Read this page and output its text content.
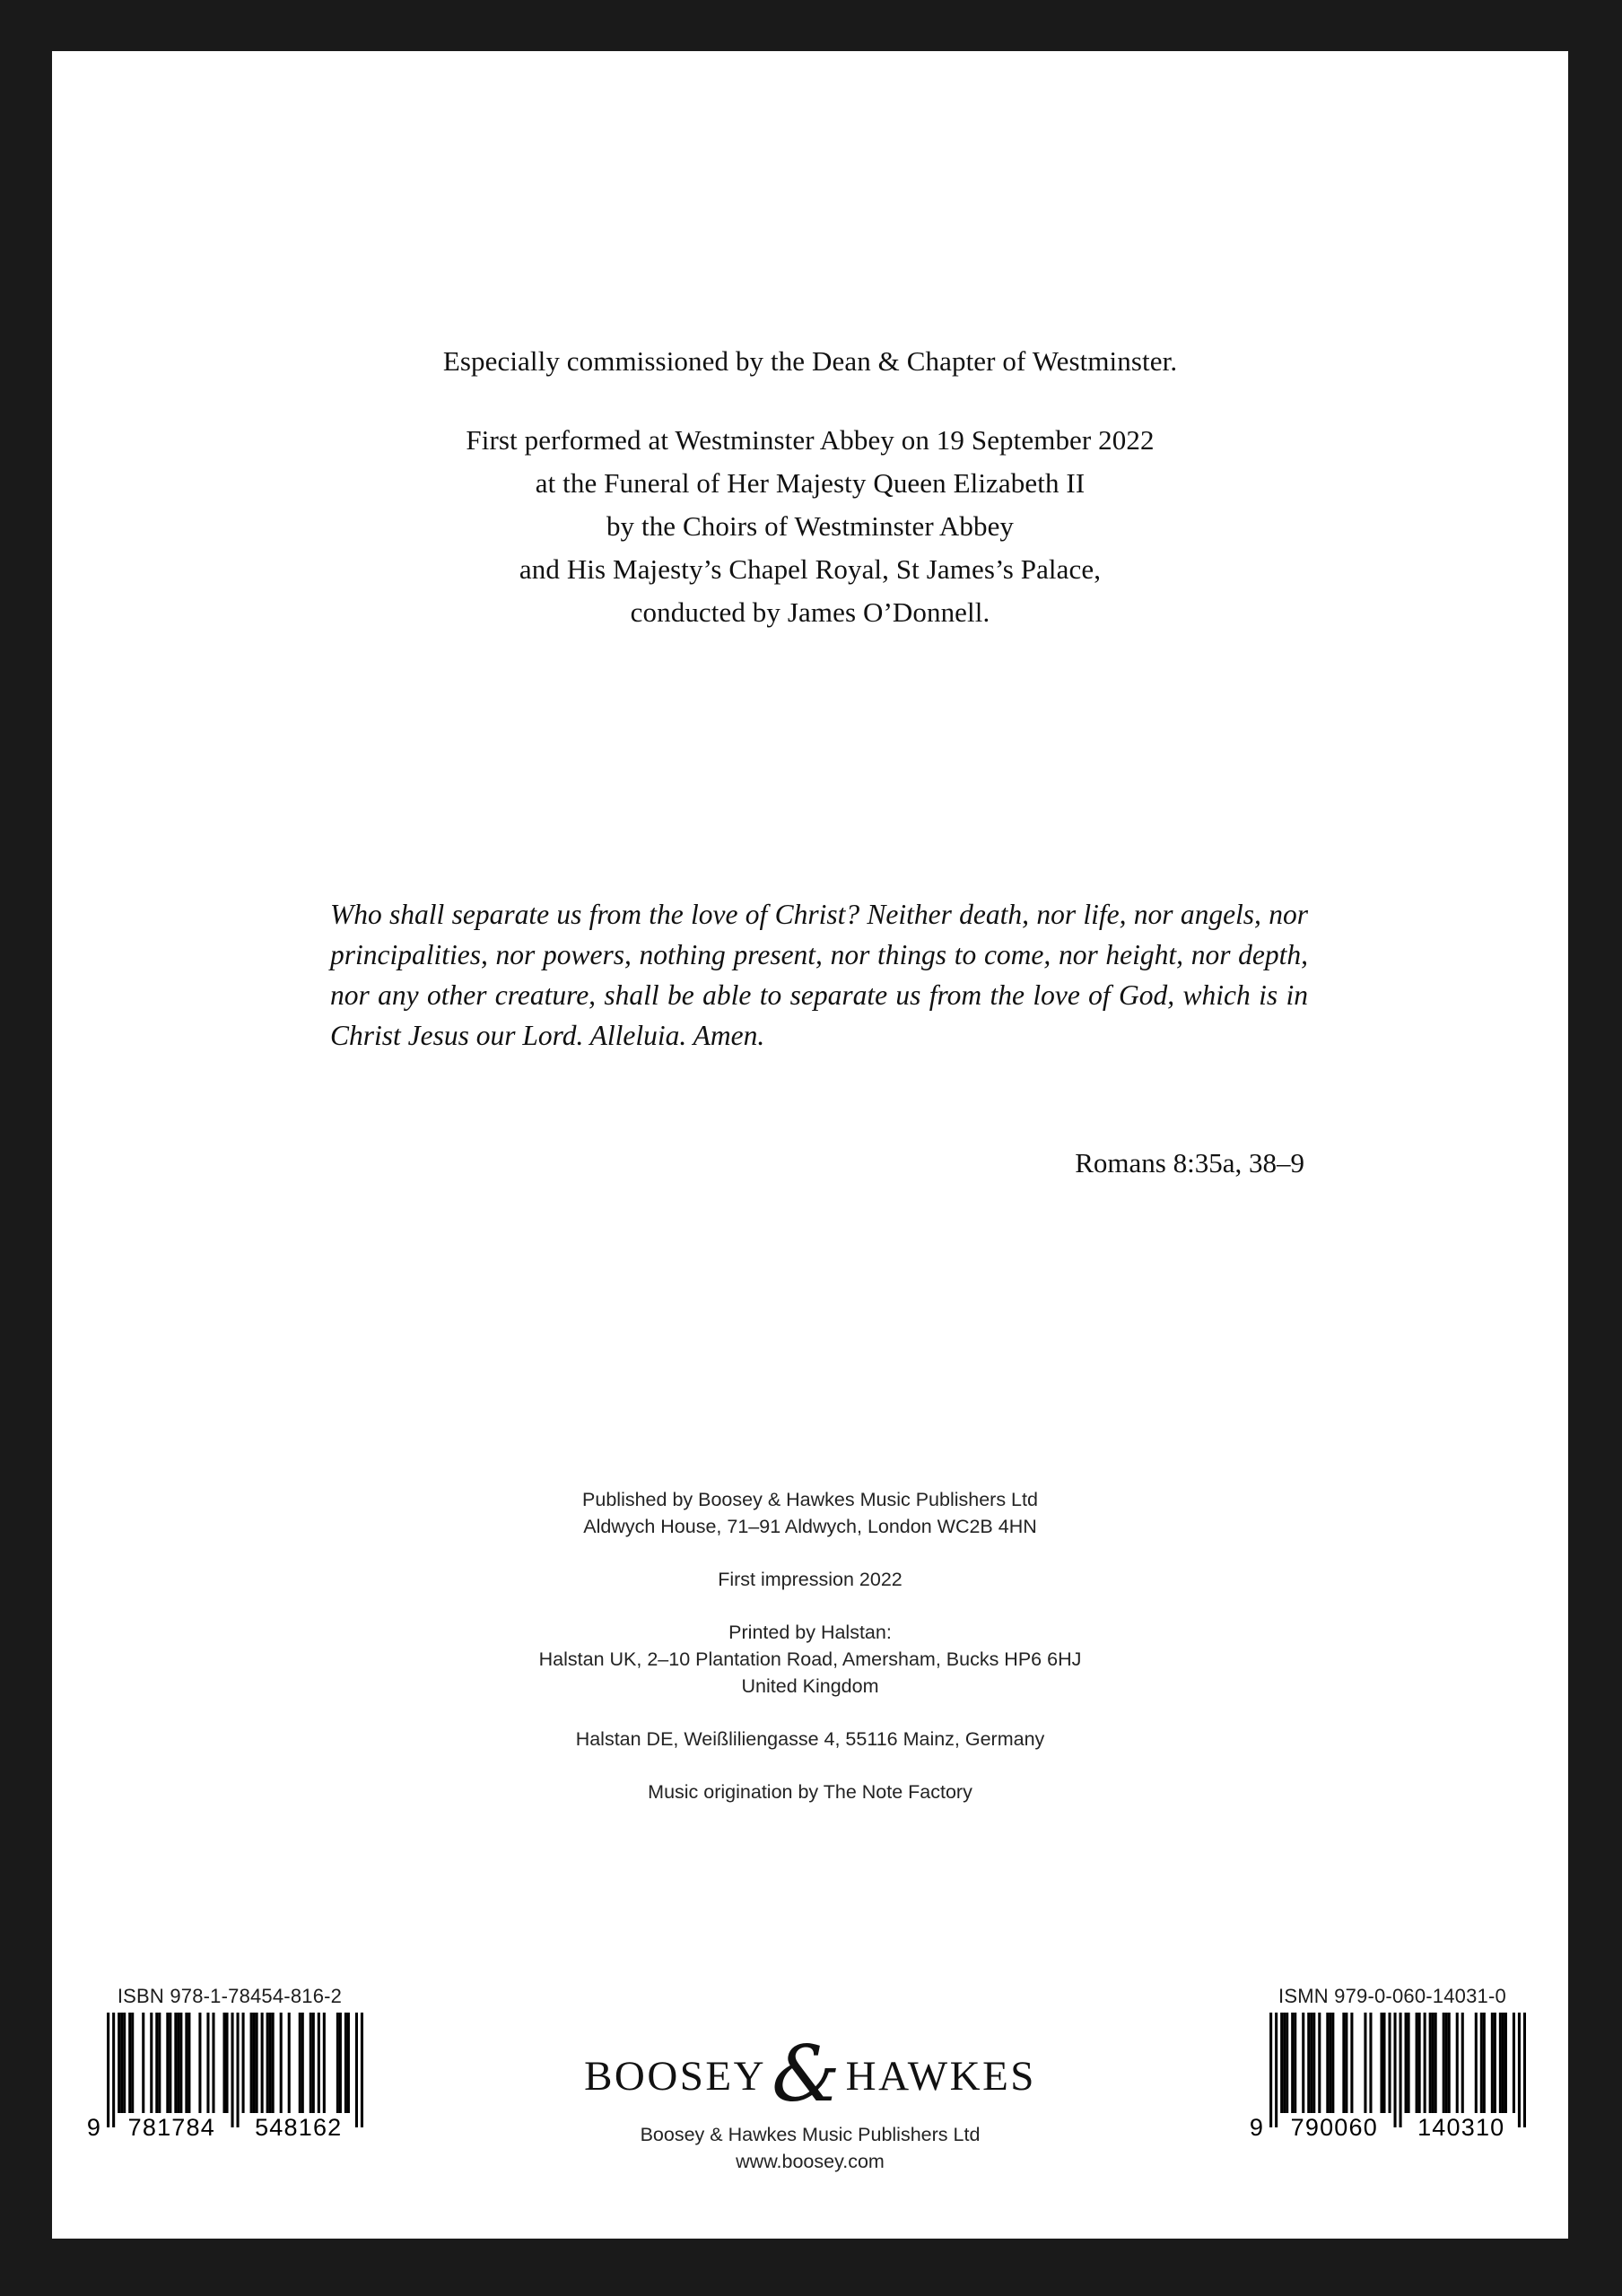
Especially commissioned by the Dean & Chapter of Westminster.
First performed at Westminster Abbey on 19 September 2022
at the Funeral of Her Majesty Queen Elizabeth II
by the Choirs of Westminster Abbey
and His Majesty’s Chapel Royal, St James’s Palace,
conducted by James O’Donnell.
Who shall separate us from the love of Christ? Neither death, nor life, nor angels, nor principalities, nor powers, nothing present, nor things to come, nor height, nor depth, nor any other creature, shall be able to separate us from the love of God, which is in Christ Jesus our Lord. Alleluia. Amen.
Romans 8:35a, 38–9
Published by Boosey & Hawkes Music Publishers Ltd
Aldwych House, 71–91 Aldwych, London WC2B 4HN
First impression 2022
Printed by Halstan:
Halstan UK, 2–10 Plantation Road, Amersham, Bucks HP6 6HJ
United Kingdom
Halstan DE, Weißliliengasse 4, 55116 Mainz, Germany
Music origination by The Note Factory
ISBN 978-1-78454-816-2
9 781784 548162
BOOSEY& HAWKES
Boosey & Hawkes Music Publishers Ltd
www.boosey.com
ISMN 979-0-060-14031-0
9 790060 140310
